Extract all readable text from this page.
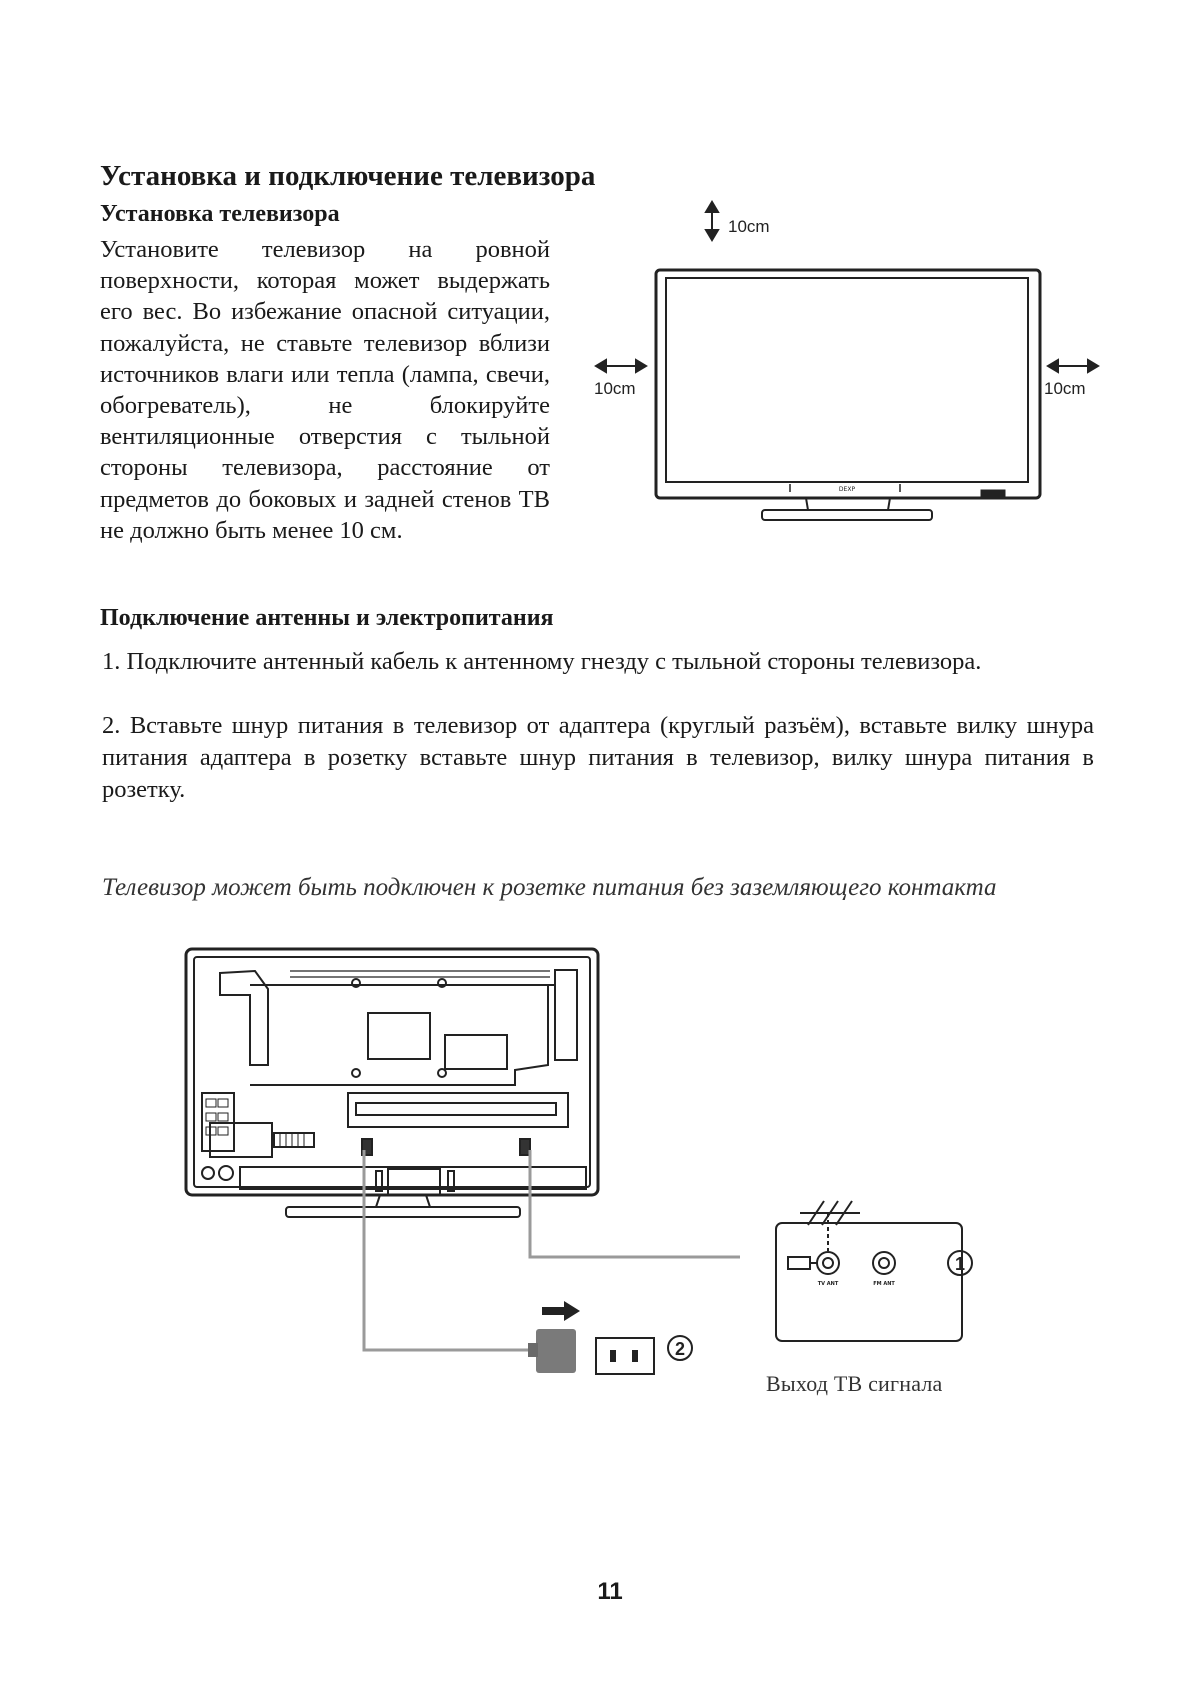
Установка и подключение телевизора
Установка телевизора

Установите телевизор на ровной поверхности, которая может выдержать его вес. Во избежание опасной ситуации, пожалуйста, не ставьте телевизор вблизи источников влаги или тепла (лампа, свечи, обогреватель), не блокируйте вентиляционные отверстия с тыльной стороны телевизора, расстояние от предметов до боковых и задней стенов ТВ не должно быть менее 10 см.

10cm
DEXP
10cm	10cm
Подключение антенны и электропитания

1. Подключите антенный кабель к антенному гнезду с тыльной стороны телевизора.

2. Вставьте шнур питания в телевизор от адаптера (круглый разъём), вставьте вилку шнура питания адаптера в розетку вставьте шнур питания в телевизор, вилку шнура питания в розетку.

Телевизор может быть подключен к розетке питания без заземляющего контакта

TV ANT	FM ANT
1
2
Выход ТВ сигнала
11
